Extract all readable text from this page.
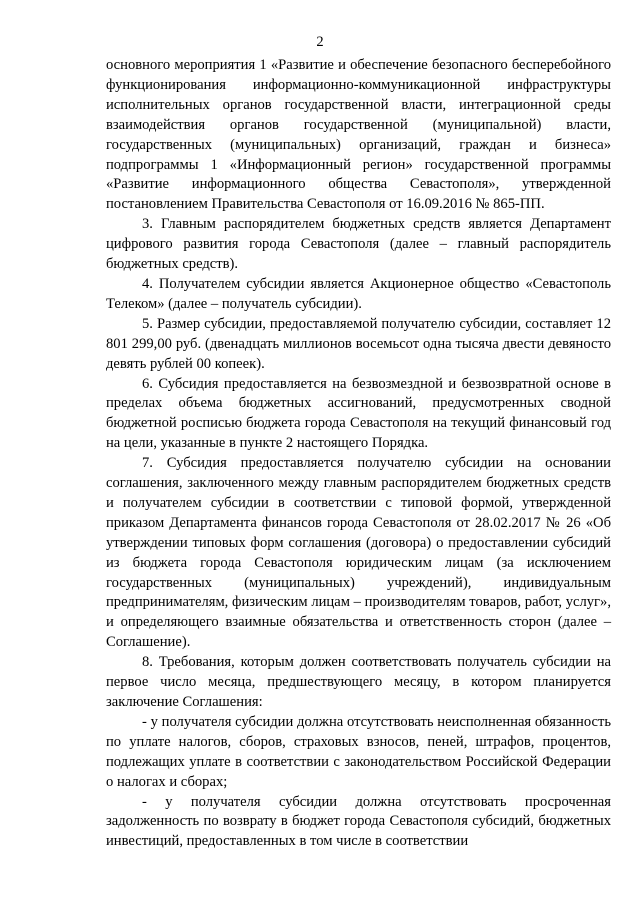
2

основного мероприятия 1 «Развитие и обеспечение безопасного бесперебойного функционирования информационно-коммуникационной инфраструктуры исполнительных органов государственной власти, интеграционной среды взаимодействия органов государственной (муниципальной) власти, государственных (муниципальных) организаций, граждан и бизнеса» подпрограммы 1 «Информационный регион» государственной программы «Развитие информационного общества Севастополя», утвержденной постановлением Правительства Севастополя от 16.09.2016 № 865-ПП.

3. Главным распорядителем бюджетных средств является Департамент цифрового развития города Севастополя (далее – главный распорядитель бюджетных средств).

4. Получателем субсидии является Акционерное общество «Севастополь Телеком» (далее – получатель субсидии).

5. Размер субсидии, предоставляемой получателю субсидии, составляет 12 801 299,00 руб. (двенадцать миллионов восемьсот одна тысяча двести девяносто девять рублей 00 копеек).

6. Субсидия предоставляется на безвозмездной и безвозвратной основе в пределах объема бюджетных ассигнований, предусмотренных сводной бюджетной росписью бюджета города Севастополя на текущий финансовый год на цели, указанные в пункте 2 настоящего Порядка.

7. Субсидия предоставляется получателю субсидии на основании соглашения, заключенного между главным распорядителем бюджетных средств и получателем субсидии в соответствии с типовой формой, утвержденной приказом Департамента финансов города Севастополя от 28.02.2017 № 26 «Об утверждении типовых форм соглашения (договора) о предоставлении субсидий из бюджета города Севастополя юридическим лицам (за исключением государственных (муниципальных) учреждений), индивидуальным предпринимателям, физическим лицам – производителям товаров, работ, услуг», и определяющего взаимные обязательства и ответственность сторон (далее – Соглашение).

8. Требования, которым должен соответствовать получатель субсидии на первое число месяца, предшествующего месяцу, в котором планируется заключение Соглашения:

- у получателя субсидии должна отсутствовать неисполненная обязанность по уплате налогов, сборов, страховых взносов, пеней, штрафов, процентов, подлежащих уплате в соответствии с законодательством Российской Федерации о налогах и сборах;

- у получателя субсидии должна отсутствовать просроченная задолженность по возврату в бюджет города Севастополя субсидий, бюджетных инвестиций, предоставленных в том числе в соответствии
